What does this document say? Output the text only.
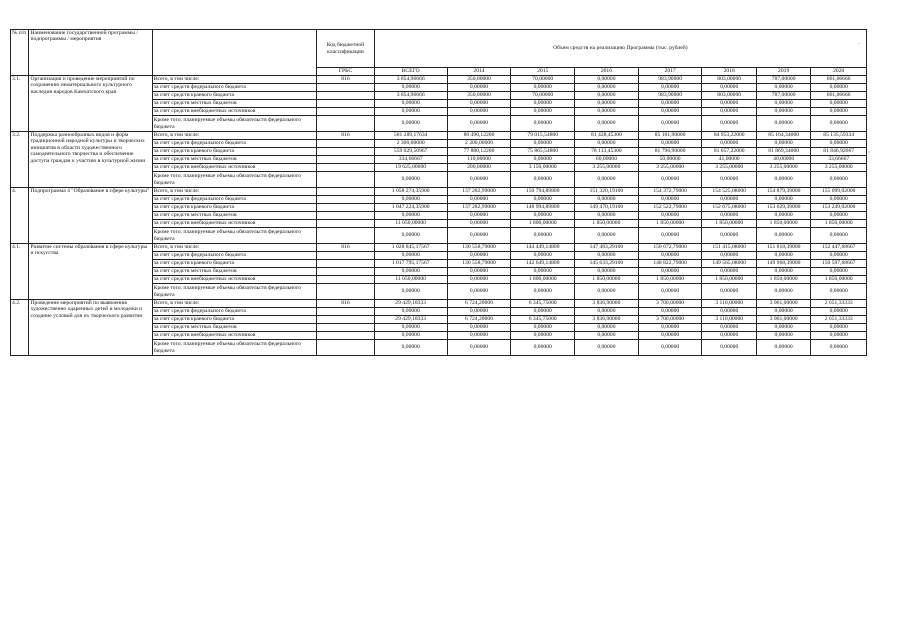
·
'
№ п/п	Наименование государственной программы / подпрограммы / мероприятия		Код бюджетной классификации	Объем средств на реализацию Программы (тыс. рублей)							
			ГРБС	ВСЕГО	2014	2015	2016	2017	2018	2019	2020
3.1.	Организация и проведение мероприятий по сохранению нематериального культурного наследия народов Камчатского края	Всего, в том числе:	816	3 854,96666	350,00000	70,00000	0,00000	983,90000	803,00000	787,00000	661,06666
		за счет средств федерального бюджета		0,00000	0,00000	0,00000	0,00000	0,00000	0,00000	0,00000	0,00000
		за счет средств краевого бюджета		3 854,96666	350,00000	70,00000	0,00000	983,90000	803,00000	787,00000	661,06666
		за счет средств местных бюджетов		0,00000	0,00000	0,00000	0,00000	0,00000	0,00000	0,00000	0,00000
		за счет средств внебюджетных источников		0,00000	0,00000	0,00000	0,00000	0,00000	0,00000	0,00000	0,00000
		Кроме того, планируемые объемы обязательств федерального бюджета		0,00000	0,00000	0,00000	0,00000	0,00000	0,00000	0,00000	0,00000
3.2.	Поддержка разнообразных видов и форм традиционной народной культуры и творческих инициатив в области художественного самодеятельного творчества и обеспечение доступа граждан к участию в культурной жизни	Всего, в том числе:	816	581 289,17634	80 490,12200	79 015,54800	81 428,45300	85 101,90000	84 953,22000	85 164,34000	85 135,59334
		за счет средств федерального бюджета		2 300,00000	2 300,00000	0,00000	0,00000	0,00000	0,00000	0,00000	0,00000
		за счет средств краевого бюджета		559 029,50967	77 880,12200	75 865,54800	78 113,45300	81 796,90000	81 657,22000	81 869,34000	81 846,92667
		за счет средств местных бюджетов		334,66667	110,00000	0,00000	60,00000	50,00000	41,00000	40,00000	33,66667
		за счет средств внебюджетных источников		19 625,00000	200,00000	3 150,00000	3 255,00000	3 255,00000	3 255,00000	3 255,00000	3 255,00000
		Кроме того, планируемые объемы обязательств федерального бюджета		0,00000	0,00000	0,00000	0,00000	0,00000	0,00000	0,00000	0,00000
4.	Подпрограмма 4 "Образование в сфере культуры"	Всего, в том числе:		1 058 274,35900	137 282,99000	150 794,89800	151 320,19100	154 372,79000	154 525,08000	154 879,39000	155 099,02000
		за счет средств федерального бюджета		0,00000	0,00000	0,00000	0,00000	0,00000	0,00000	0,00000	0,00000
		за счет средств краевого бюджета		1 047 224,35900	137 282,99000	148 994,89800	149 470,19100	152 522,79000	152 675,08000	153 029,39000	153 249,02000
		за счет средств местных бюджетов		0,00000	0,00000	0,00000	0,00000	0,00000	0,00000	0,00000	0,00000
		за счет средств внебюджетных источников		11 050,00000	0,00000	1 800,00000	1 850,00000	1 850,00000	1 850,00000	1 850,00000	1 850,00000
		Кроме того, планируемые объемы обязательств федерального бюджета		0,00000	0,00000	0,00000	0,00000	0,00000	0,00000	0,00000	0,00000
4.1.	Развитие системы образования в сфере культуры и искусства	Всего, в том числе:	816	1 028 845,17567	130 558,79000	144 449,14800	147 483,29100	150 672,79000	151 415,08000	151 818,39000	152 447,68667
		за счет средств федерального бюджета		0,00000	0,00000	0,00000	0,00000	0,00000	0,00000	0,00000	0,00000
		за счет средств краевого бюджета		1 017 795,17567	130 558,79000	142 649,14800	145 633,29100	148 822,79000	149 565,08000	149 968,39000	150 597,68667
		за счет средств местных бюджетов		0,00000	0,00000	0,00000	0,00000	0,00000	0,00000	0,00000	0,00000
		за счет средств внебюджетных источников		11 050,00000	0,00000	1 800,00000	1 850,00000	1 850,00000	1 850,00000	1 850,00000	1 850,00000
		Кроме того, планируемые объемы обязательств федерального бюджета		0,00000	0,00000	0,00000	0,00000	0,00000	0,00000	0,00000	0,00000
4.2.	Проведение мероприятий по выявлению художественно одаренных детей и молодежи и создание условий для их творческого развития	Всего, в том числе:	816	29 429,18333	6 724,20000	6 345,75000	3 836,90000	3 700,00000	3 110,00000	3 061,00000	2 651,33333
		за счет средств федерального бюджета		0,00000	0,00000	0,00000	0,00000	0,00000	0,00000	0,00000	0,00000
		за счет средств краевого бюджета		29 429,18333	6 724,20000	6 345,75000	3 836,90000	3 700,00000	3 110,00000	3 061,00000	2 651,33333
		за счет средств местных бюджетов		0,00000	0,00000	0,00000	0,00000	0,00000	0,00000	0,00000	0,00000
		за счет средств внебюджетных источников		0,00000	0,00000	0,00000	0,00000	0,00000	0,00000	0,00000	0,00000
		Кроме того, планируемые объемы обязательств федерального бюджета		0,00000	0,00000	0,00000	0,00000	0,00000	0,00000	0,00000	0,00000
